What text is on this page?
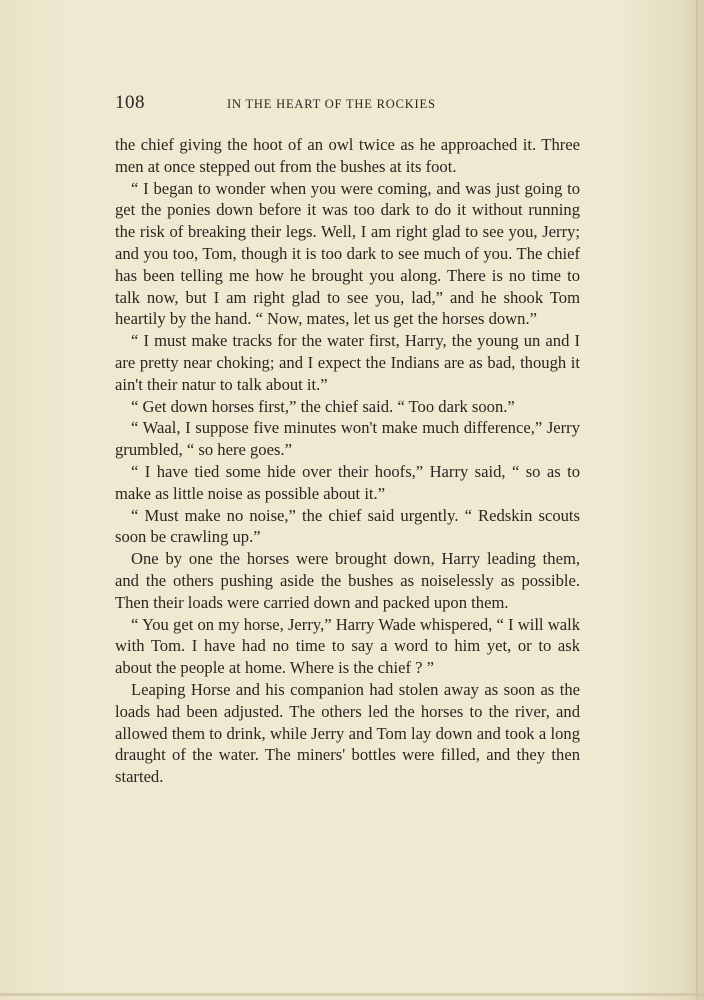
108	IN THE HEART OF THE ROCKIES

the chief giving the hoot of an owl twice as he approached it. Three men at once stepped out from the bushes at its foot.

“ I began to wonder when you were coming, and was just going to get the ponies down before it was too dark to do it without running the risk of breaking their legs. Well, I am right glad to see you, Jerry; and you too, Tom, though it is too dark to see much of you. The chief has been telling me how he brought you along. There is no time to talk now, but I am right glad to see you, lad,” and he shook Tom heartily by the hand. “ Now, mates, let us get the horses down.”

“ I must make tracks for the water first, Harry, the young un and I are pretty near choking; and I expect the Indians are as bad, though it ain't their natur to talk about it.”

“ Get down horses first,” the chief said. “ Too dark soon.”

“ Waal, I suppose five minutes won't make much difference,” Jerry grumbled, “ so here goes.”

“ I have tied some hide over their hoofs,” Harry said, “ so as to make as little noise as possible about it.”

“ Must make no noise,” the chief said urgently. “ Redskin scouts soon be crawling up.”

One by one the horses were brought down, Harry leading them, and the others pushing aside the bushes as noiselessly as possible. Then their loads were carried down and packed upon them.

“ You get on my horse, Jerry,” Harry Wade whispered, “ I will walk with Tom. I have had no time to say a word to him yet, or to ask about the people at home. Where is the chief ? ”

Leaping Horse and his companion had stolen away as soon as the loads had been adjusted. The others led the horses to the river, and allowed them to drink, while Jerry and Tom lay down and took a long draught of the water. The miners' bottles were filled, and they then started.
